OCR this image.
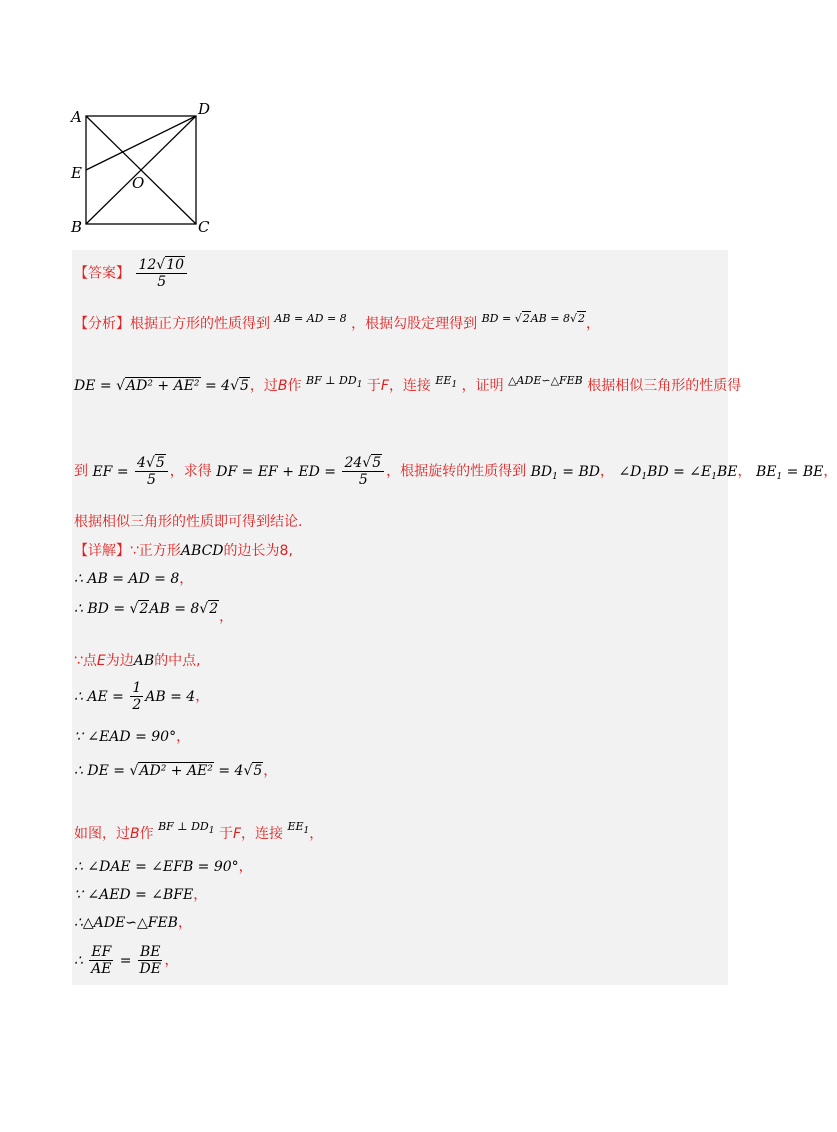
A	D
E
O
B	C
【答案】 $\frac{12√10}{5}$
【分析】根据正方形的性质得到 $^{AB = AD = 8}$ ，根据勾股定理得到 $^{BD = √2AB = 8√2}$，
DE = √AD² + AE² = 4√5，过B作 $^{BF \perp DD_1}$ 于F，连接 $^{EE_1}$ ，证明 $^{\triangle ADE∽\triangle FEB}$ 根据相似三角形的性质得
到 EF = $\frac{4√5}{5}$ ，求得 DF = EF + ED = $\frac{24√5}{5}$ ，根据旋转的性质得到 $BD_1$ = BD， $\angle D_1BD$ = $\angle E_1BE$， $BE_1$ = BE，
根据相似三角形的性质即可得到结论.
【详解】∵正方形ABCD的边长为8,
∴ AB = AD = 8，
∴ BD = √2AB = 8√2，
∵点E为边AB的中点,
∴ AE = $\frac{1}{2}$ AB = 4，
∵ ∠EAD = 90°，
∴ DE = √AD² + AE² = 4√5，
如图，过B作 $^{BF \perp DD_1}$ 于F，连接 $^{EE_1}$，
∴ ∠DAE = ∠EFB = 90°，
∵ ∠AED = ∠BFE，
∴△ADE∽△FEB，
∴ $\frac{EF}{AE} = \frac{BE}{DE}$ ，
